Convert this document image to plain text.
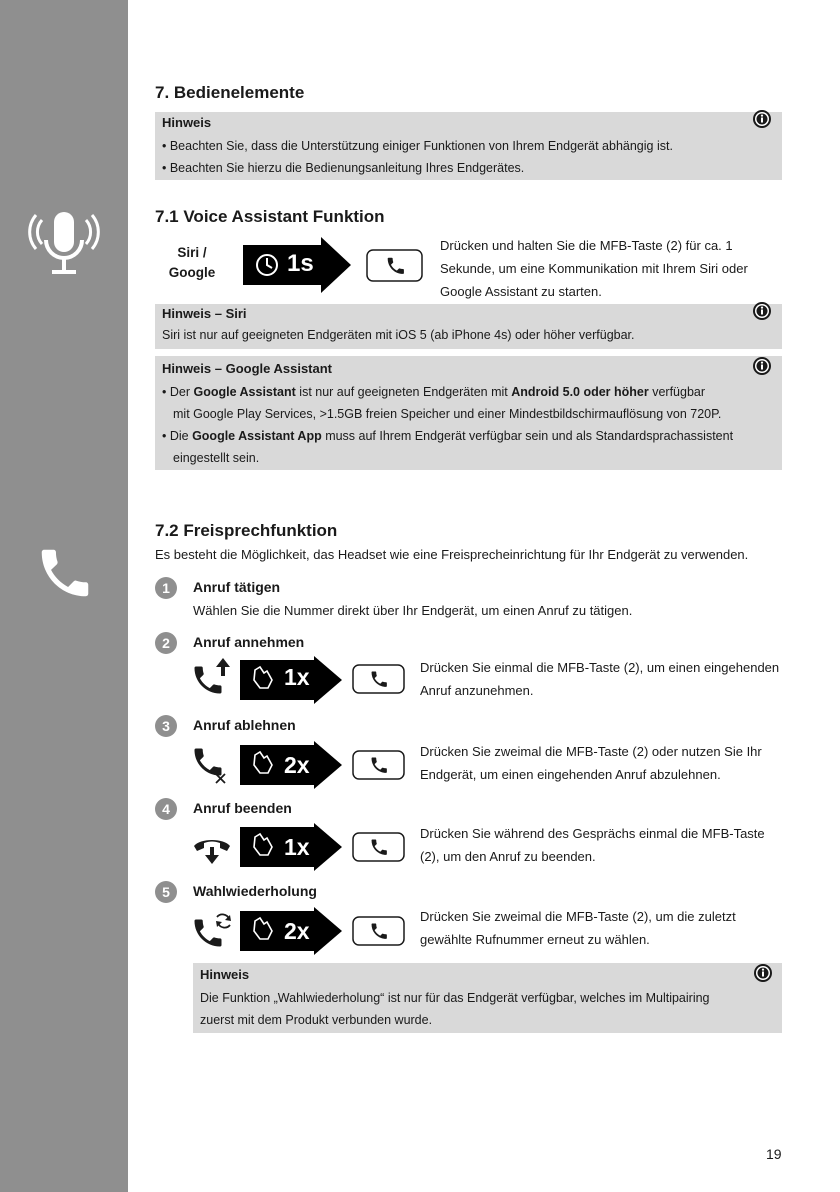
7. Bedienelemente
Hinweis
• Beachten Sie, dass die Unterstützung einiger Funktionen von Ihrem Endgerät abhängig ist.
• Beachten Sie hierzu die Bedienungsanleitung Ihres Endgerätes.
7.1 Voice Assistant Funktion
Siri /
Google	1s
Drücken und halten Sie die MFB-Taste (2) für ca. 1 Sekunde, um eine Kommunikation mit Ihrem Siri oder Google Assistant zu starten.
Hinweis – Siri
Siri ist nur auf geeigneten Endgeräten mit iOS 5 (ab iPhone 4s) oder höher verfügbar.
Hinweis – Google Assistant
• Der Google Assistant ist nur auf geeigneten Endgeräten mit Android 5.0 oder höher verfügbar
mit Google Play Services, >1.5GB freien Speicher und einer Mindestbildschirmauflösung von 720P.
• Die Google Assistant App muss auf Ihrem Endgerät verfügbar sein und als Standardsprachassistent
eingestellt sein.
7.2 Freisprechfunktion
Es besteht die Möglichkeit, das Headset wie eine Freisprecheinrichtung für Ihr Endgerät zu verwenden.
1	Anruf tätigen
Wählen Sie die Nummer direkt über Ihr Endgerät, um einen Anruf zu tätigen.
2	Anruf annehmen
1x	Drücken Sie einmal die MFB-Taste (2), um einen eingehenden Anruf anzunehmen.
3	Anruf ablehnen
2x
Drücken Sie zweimal die MFB-Taste (2) oder nutzen Sie Ihr Endgerät, um einen eingehenden Anruf abzulehnen.
4	Anruf beenden
1x
Drücken Sie während des Gesprächs einmal die MFB-Taste (2), um den Anruf zu beenden.
5	Wahlwiederholung
2x
Drücken Sie zweimal die MFB-Taste (2), um die zuletzt gewählte Rufnummer erneut zu wählen.
Hinweis
Die Funktion „Wahlwiederholung“ ist nur für das Endgerät verfügbar, welches im Multipairing
zuerst mit dem Produkt verbunden wurde.
19
